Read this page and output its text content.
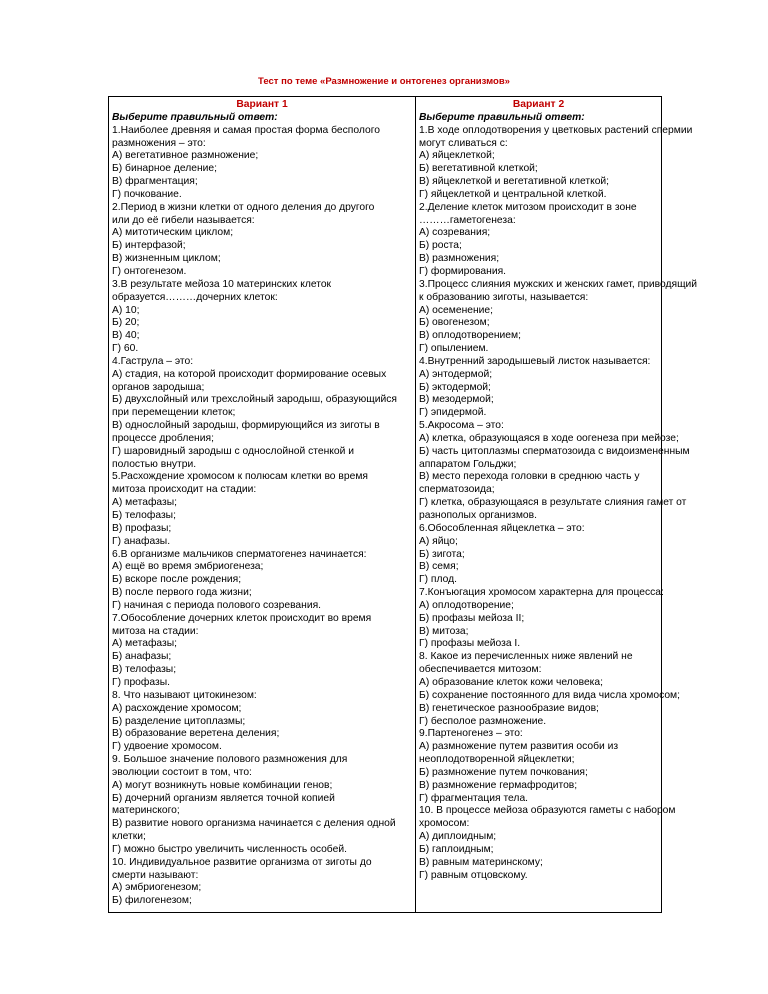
Тест по теме «Размножение и онтогенез организмов»
Вариант 1
Выберите правильный ответ:
1.Наиболее древняя и самая простая форма бесполого
размножения – это:
А) вегетативное размножение;
Б) бинарное деление;
В) фрагментация;
Г) почкование.
2.Период в жизни клетки от одного деления до другого
или до её гибели называется:
А) митотическим циклом;
Б) интерфазой;
В) жизненным циклом;
Г) онтогенезом.
3.В результате мейоза 10 материнских клеток
образуется………дочерних клеток:
А) 10;
Б) 20;
В) 40;
Г) 60.
4.Гаструла – это:
А) стадия, на которой происходит формирование осевых
органов зародыша;
Б) двухслойный или трехслойный зародыш, образующийся
при перемещении клеток;
В) однослойный зародыш, формирующийся из зиготы в
процессе дробления;
Г) шаровидный зародыш с однослойной стенкой и
полостью внутри.
5.Расхождение хромосом к полюсам клетки во время
митоза происходит на стадии:
А) метафазы;
Б) телофазы;
В) профазы;
Г) анафазы.
6.В организме мальчиков сперматогенез начинается:
А) ещё во время эмбриогенеза;
Б) вскоре после рождения;
В) после первого года жизни;
Г) начиная с периода полового созревания.
7.Обособление дочерних клеток происходит во время
митоза на стадии:
А) метафазы;
Б) анафазы;
В) телофазы;
Г) профазы.
8. Что называют цитокинезом:
А) расхождение хромосом;
Б) разделение цитоплазмы;
В) образование веретена деления;
Г) удвоение хромосом.
9. Большое значение полового размножения для
эволюции состоит в том, что:
А) могут возникнуть новые комбинации генов;
Б) дочерний организм является точной копией
материнского;
В) развитие нового организма начинается с деления одной
клетки;
Г) можно быстро увеличить численность особей.
10. Индивидуальное развитие организма от зиготы до
смерти называют:
А) эмбриогенезом;
Б) филогенезом;

Вариант 2
Выберите правильный ответ:
1.В ходе оплодотворения у цветковых растений спермии
могут сливаться с:
А) яйцеклеткой;
Б) вегетативной клеткой;
В) яйцеклеткой и вегетативной клеткой;
Г) яйцеклеткой и центральной клеткой.
2.Деление клеток митозом происходит в зоне
………гаметогенеза:
А) созревания;
Б) роста;
В) размножения;
Г) формирования.
3.Процесс слияния мужских и женских гамет, приводящий
к образованию зиготы, называется:
А) осеменение;
Б) овогенезом;
В) оплодотворением;
Г) опылением.
4.Внутренний зародышевый листок называется:
А) энтодермой;
Б) эктодермой;
В) мезодермой;
Г) эпидермой.
5.Акросома – это:
А) клетка, образующаяся в ходе оогенеза при мейозе;
Б) часть цитоплазмы сперматозоида с видоизмененным
аппаратом Гольджи;
В) место перехода головки в среднюю часть у
сперматозоида;
Г) клетка, образующаяся в результате слияния гамет от
разнополых организмов.
6.Обособленная яйцеклетка – это:
А) яйцо;
Б) зигота;
В) семя;
Г) плод.
7.Конъюгация хромосом характерна для процесса:
А) оплодотворение;
Б) профазы мейоза II;
В) митоза;
Г) профазы мейоза I.
8. Какое из перечисленных ниже явлений не
обеспечивается митозом:
А) образование клеток кожи человека;
Б) сохранение постоянного для вида числа хромосом;
В) генетическое разнообразие видов;
Г) бесполое размножение.
9.Партеногенез – это:
А) размножение путем развития особи из
неоплодотворенной яйцеклетки;
Б) размножение путем почкования;
В) размножение гермафродитов;
Г) фрагментация тела.
10. В процессе мейоза образуются гаметы с набором
хромосом:
А) диплоидным;
Б) гаплоидным;
В) равным материнскому;
Г) равным отцовскому.
